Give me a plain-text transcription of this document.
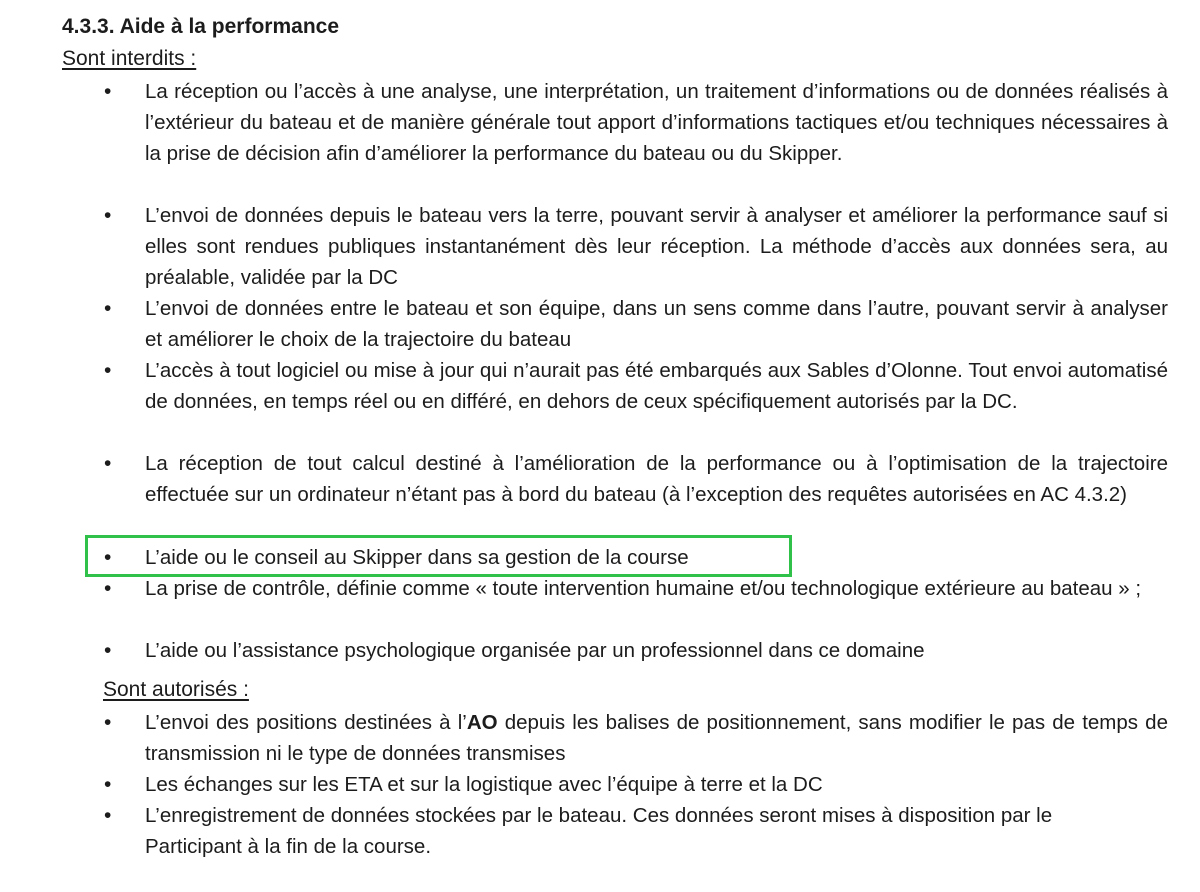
4.3.3. Aide à la performance
Sont interdits :
• La réception ou l’accès à une analyse, une interprétation, un traitement d’informations ou de données réalisés à l’extérieur du bateau et de manière générale tout apport d’informations tactiques et/ou techniques nécessaires à la prise de décision afin d’améliorer la performance du bateau ou du Skipper.
• L’envoi de données depuis le bateau vers la terre, pouvant servir à analyser et améliorer la performance sauf si elles sont rendues publiques instantanément dès leur réception. La méthode d’accès aux données sera, au préalable, validée par la DC
• L’envoi de données entre le bateau et son équipe, dans un sens comme dans l’autre, pouvant servir à analyser et améliorer le choix de la trajectoire du bateau
• L’accès à tout logiciel ou mise à jour qui n’aurait pas été embarqués aux Sables d’Olonne. Tout envoi automatisé de données, en temps réel ou en différé, en dehors de ceux spécifiquement autorisés par la DC.
• La réception de tout calcul destiné à l’amélioration de la performance ou à l’optimisation de la trajectoire effectuée sur un ordinateur n’étant pas à bord du bateau (à l’exception des requêtes autorisées en AC 4.3.2)
• L’aide ou le conseil au Skipper dans sa gestion de la course
• La prise de contrôle, définie comme « toute intervention humaine et/ou technologique extérieure au bateau » ;
• L’aide ou l’assistance psychologique organisée par un professionnel dans ce domaine
Sont autorisés :
• L’envoi des positions destinées à l’AO depuis les balises de positionnement, sans modifier le pas de temps de transmission ni le type de données transmises
• Les échanges sur les ETA et sur la logistique avec l’équipe à terre et la DC
• L’enregistrement de données stockées par le bateau. Ces données seront mises à disposition par le Participant à la fin de la course.
